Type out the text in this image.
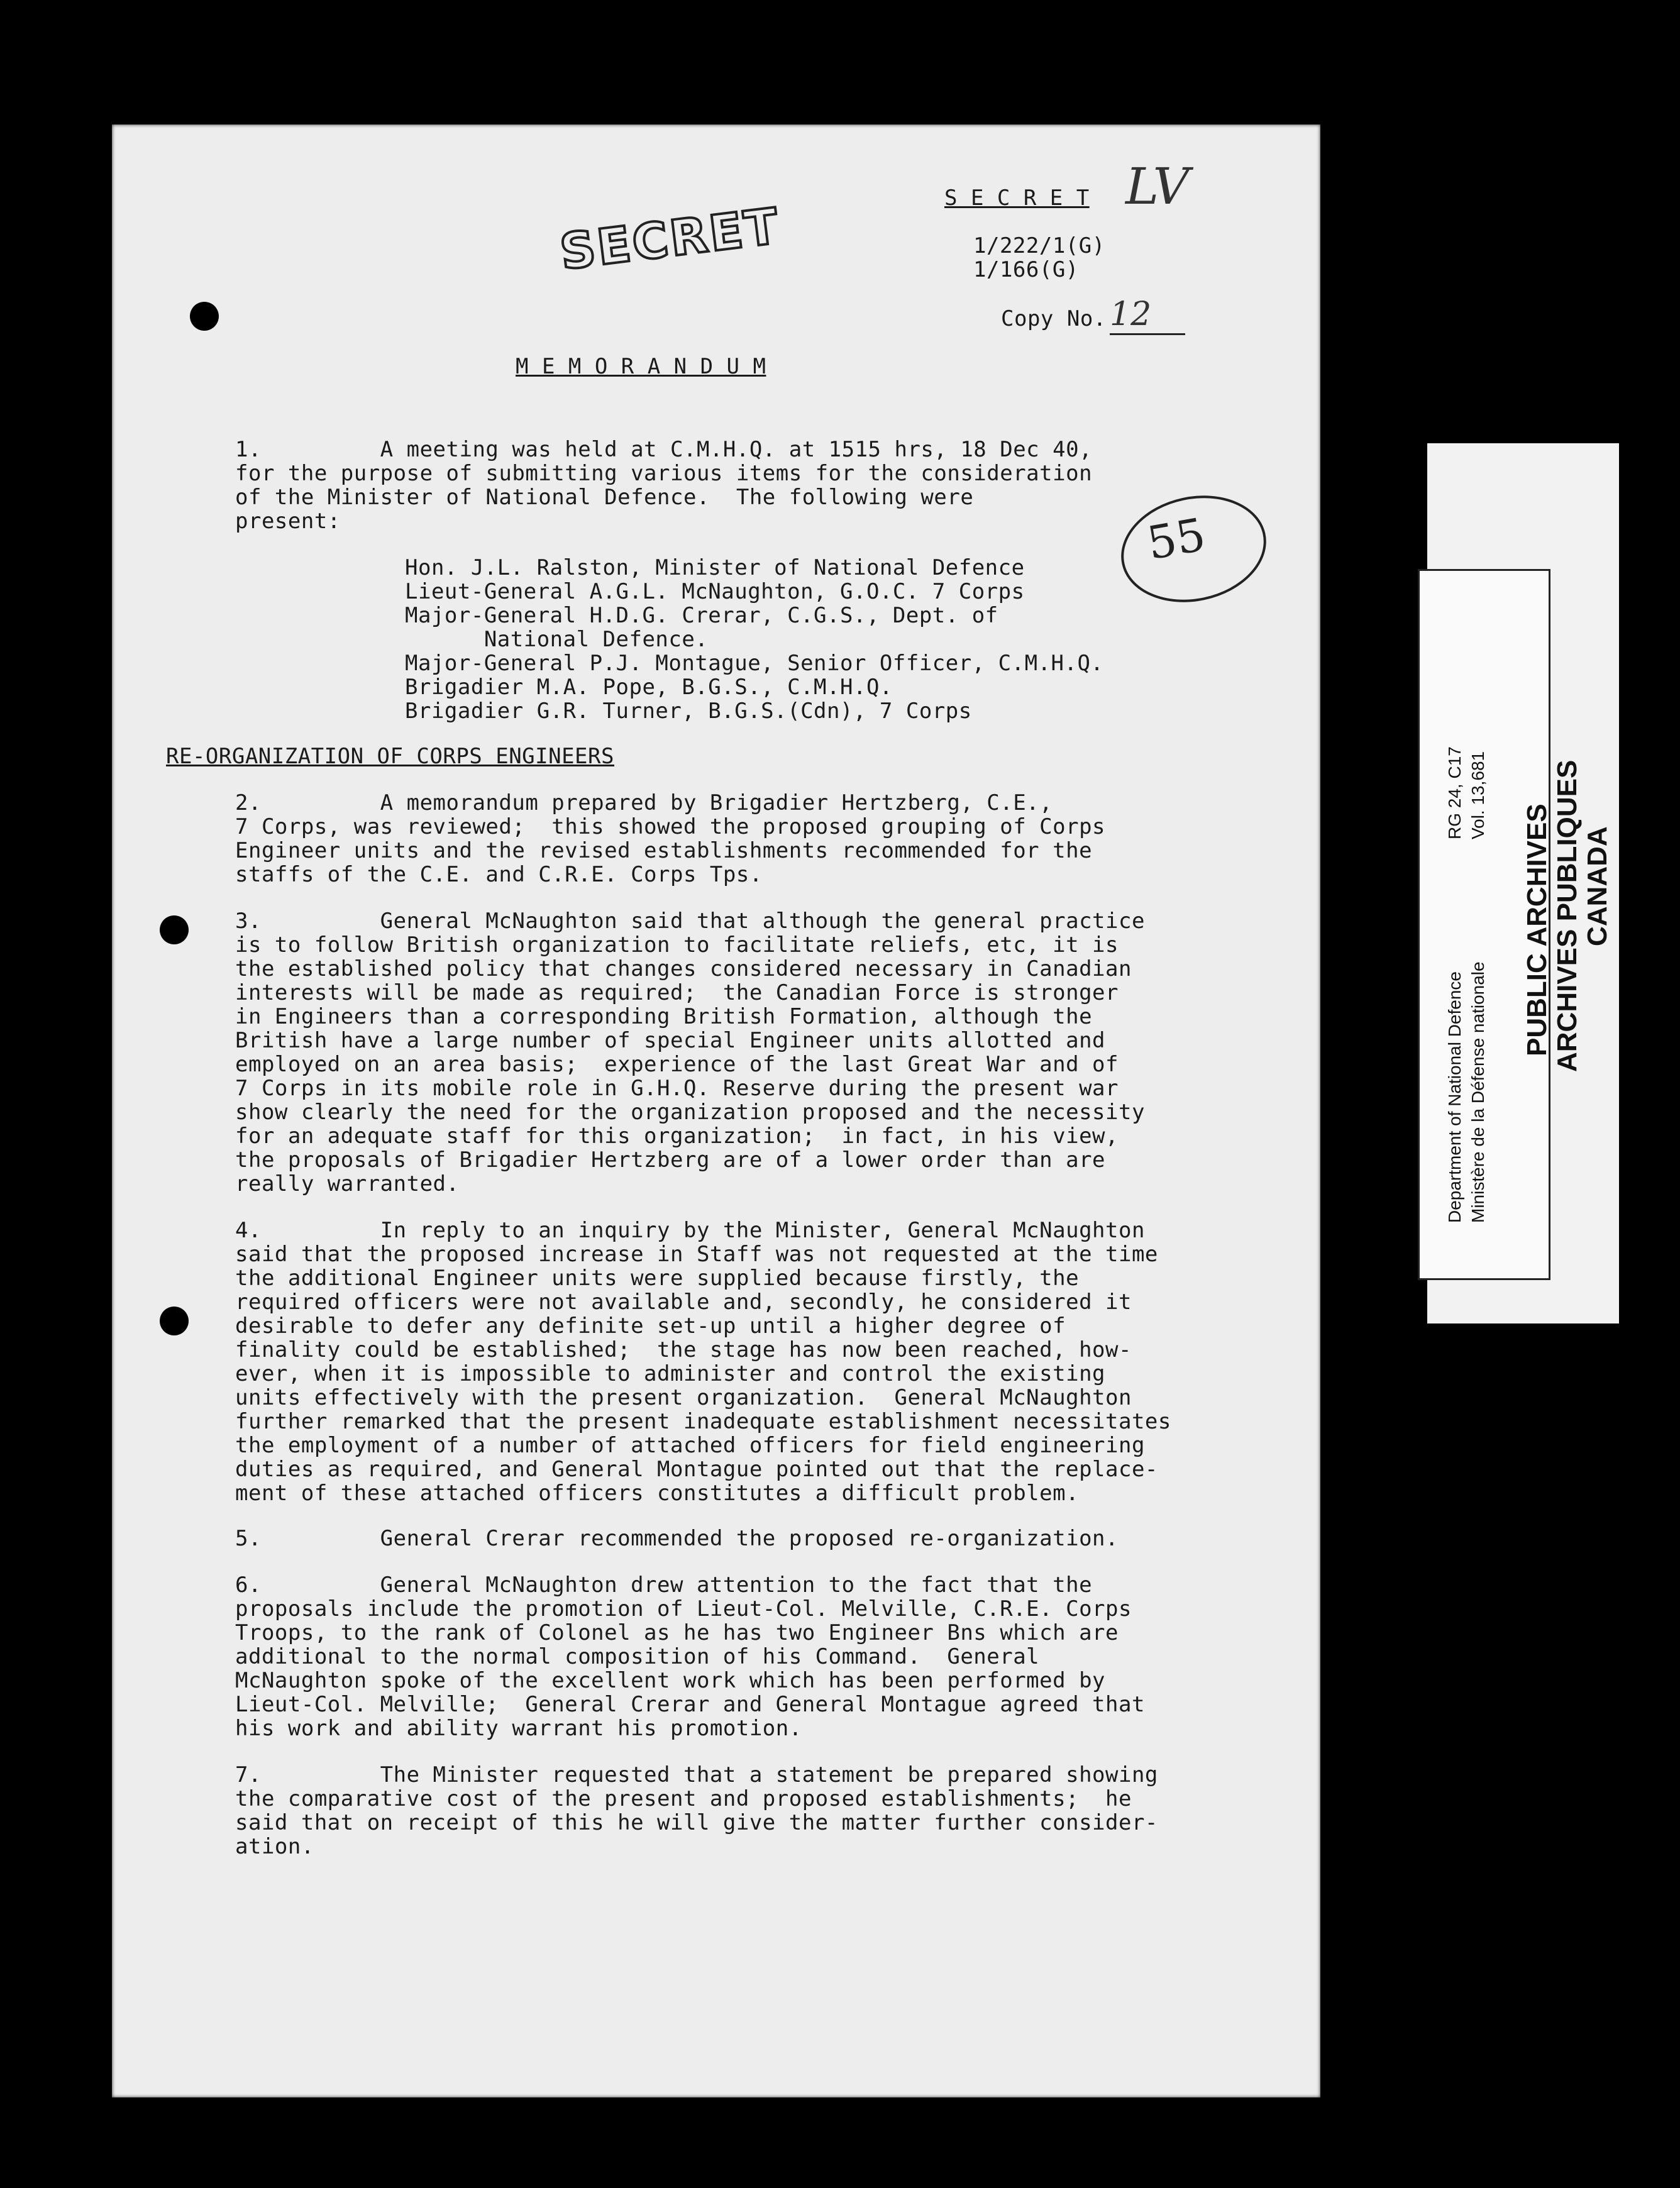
S E C R E T LV
SECRET	1/222/1(G)
1/166(G)
Copy No. 12
M E M O R A N D U M
1.         A meeting was held at C.M.H.Q. at 1515 hrs, 18 Dec 40,
for the purpose of submitting various items for the consideration
of the Minister of National Defence.  The following were
present:
Hon. J.L. Ralston, Minister of National Defence
Lieut-General A.G.L. McNaughton, G.O.C. 7 Corps
Major-General H.D.G. Crerar, C.G.S., Dept. of
National Defence.
Major-General P.J. Montague, Senior Officer, C.M.H.Q.
Brigadier M.A. Pope, B.G.S., C.M.H.Q.
Brigadier G.R. Turner, B.G.S.(Cdn), 7 Corps
55
RE-ORGANIZATION OF CORPS ENGINEERS
2.         A memorandum prepared by Brigadier Hertzberg, C.E.,
7 Corps, was reviewed;  this showed the proposed grouping of Corps
Engineer units and the revised establishments recommended for the
staffs of the C.E. and C.R.E. Corps Tps.
3.         General McNaughton said that although the general practice
is to follow British organization to facilitate reliefs, etc, it is
the established policy that changes considered necessary in Canadian
interests will be made as required;  the Canadian Force is stronger
in Engineers than a corresponding British Formation, although the
British have a large number of special Engineer units allotted and
employed on an area basis;  experience of the last Great War and of
7 Corps in its mobile role in G.H.Q. Reserve during the present war
show clearly the need for the organization proposed and the necessity
for an adequate staff for this organization;  in fact, in his view,
the proposals of Brigadier Hertzberg are of a lower order than are
really warranted.
4.         In reply to an inquiry by the Minister, General McNaughton
said that the proposed increase in Staff was not requested at the time
the additional Engineer units were supplied because firstly, the
required officers were not available and, secondly, he considered it
desirable to defer any definite set-up until a higher degree of
finality could be established;  the stage has now been reached, how-
ever, when it is impossible to administer and control the existing
units effectively with the present organization.  General McNaughton
further remarked that the present inadequate establishment necessitates
the employment of a number of attached officers for field engineering
duties as required, and General Montague pointed out that the replace-
ment of these attached officers constitutes a difficult problem.
5.         General Crerar recommended the proposed re-organization.
6.         General McNaughton drew attention to the fact that the
proposals include the promotion of Lieut-Col. Melville, C.R.E. Corps
Troops, to the rank of Colonel as he has two Engineer Bns which are
additional to the normal composition of his Command.  General
McNaughton spoke of the excellent work which has been performed by
Lieut-Col. Melville;  General Crerar and General Montague agreed that
his work and ability warrant his promotion.
7.         The Minister requested that a statement be prepared showing
the comparative cost of the present and proposed establishments;  he
said that on receipt of this he will give the matter further consider-
ation.
RG 24, C17 Vol. 13,681
Department of National Defence Ministère de la Défense nationale
PUBLIC ARCHIVES ARCHIVES PUBLIQUES CANADA
